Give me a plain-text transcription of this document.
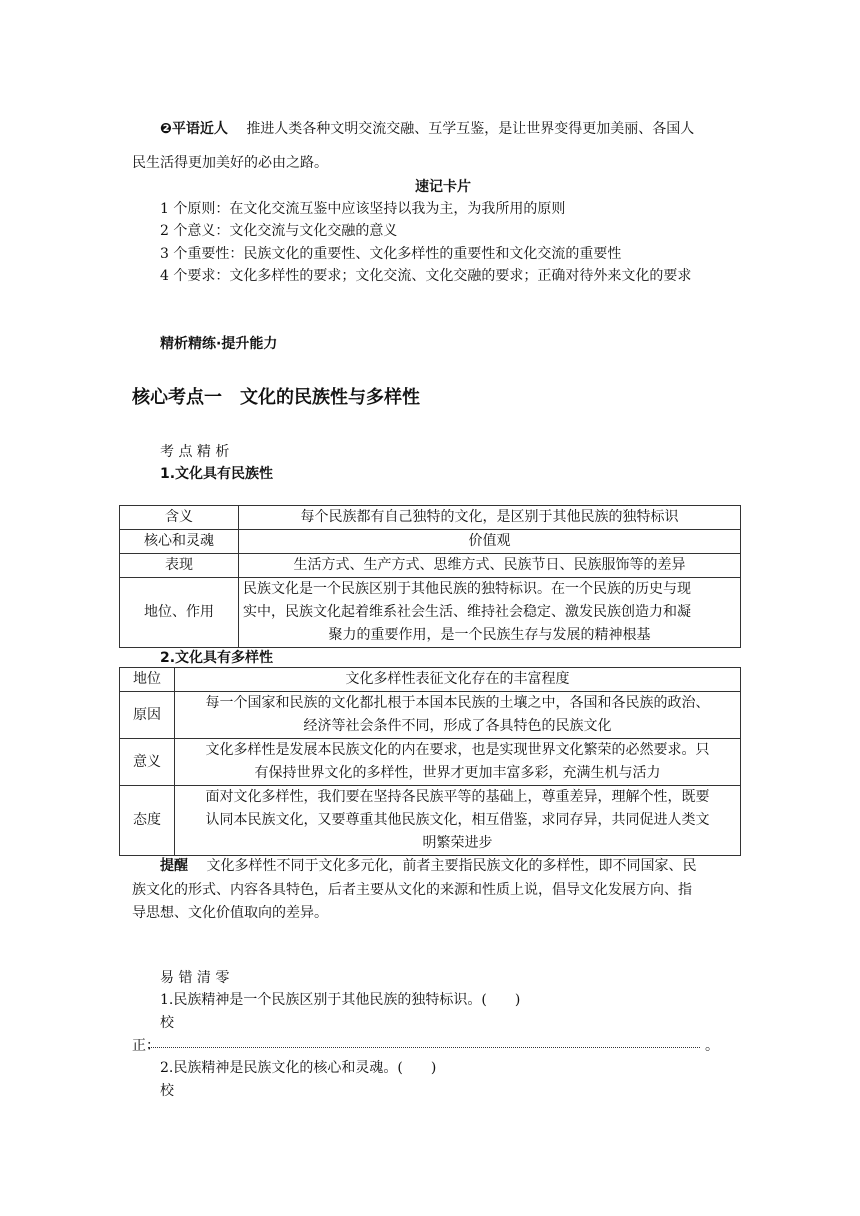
❷平语近人 推进人类各种文明交流交融、互学互鉴，是让世界变得更加美丽、各国人
民生活得更加美好的必由之路。
速记卡片
1 个原则：在文化交流互鉴中应该坚持以我为主，为我所用的原则
2 个意义：文化交流与文化交融的意义
3 个重要性：民族文化的重要性、文化多样性的重要性和文化交流的重要性
4 个要求：文化多样性的要求；文化交流、文化交融的要求；正确对待外来文化的要求
精析精练·提升能力
核心考点一　文化的民族性与多样性
考 点 精 析
1.文化具有民族性
含义	每个民族都有自己独特的文化，是区别于其他民族的独特标识
核心和灵魂	价值观
表现	生活方式、生产方式、思维方式、民族节日、民族服饰等的差异
地位、作用	民族文化是一个民族区别于其他民族的独特标识。在一个民族的历史与现
实中，民族文化起着维系社会生活、维持社会稳定、激发民族创造力和凝
聚力的重要作用，是一个民族生存与发展的精神根基
2.文化具有多样性
地位	文化多样性表征文化存在的丰富程度
原因	每一个国家和民族的文化都扎根于本国本民族的土壤之中，各国和各民族的政治、
经济等社会条件不同，形成了各具特色的民族文化

意义	文化多样性是发展本民族文化的内在要求，也是实现世界文化繁荣的必然要求。只
有保持世界文化的多样性，世界才更加丰富多彩，充满生机与活力

态度	面对文化多样性，我们要在坚持各民族平等的基础上，尊重差异，理解个性，既要
认同本民族文化，又要尊重其他民族文化，相互借鉴，求同存异，共同促进人类文
明繁荣进步
提醒 文化多样性不同于文化多元化，前者主要指民族文化的多样性，即不同国家、民
族文化的形式、内容各具特色，后者主要从文化的来源和性质上说，倡导文化发展方向、指
导思想、文化价值取向的差异。
易 错 清 零
1.民族精神是一个民族区别于其他民族的独特标识。(　　)
校
正：	。
2.民族精神是民族文化的核心和灵魂。(　　)
校
